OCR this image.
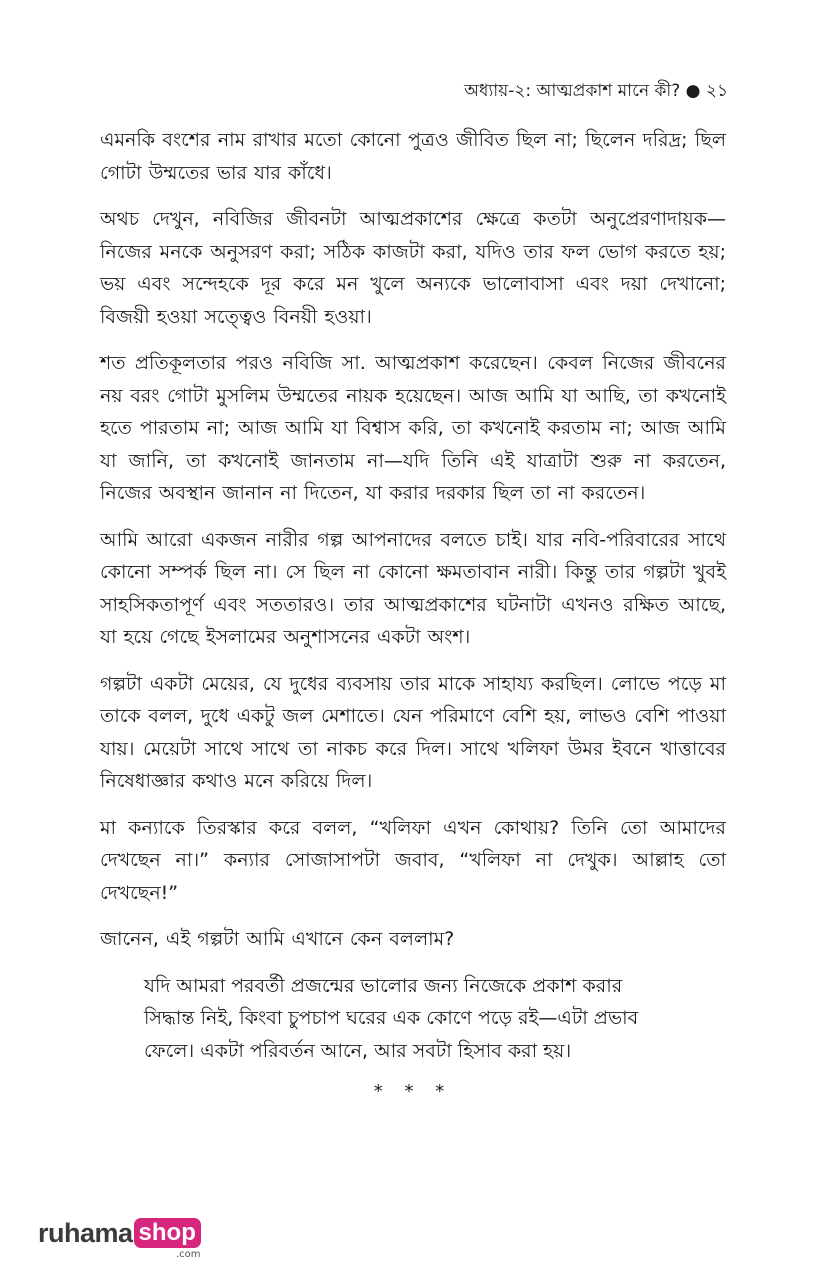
অধ্যায়-২: আত্মপ্রকাশ মানে কী? ● ২১

এমনকি বংশের নাম রাখার মতো কোনো পুত্রও জীবিত ছিল না; ছিলেন দরিদ্র; ছিল গোটা উম্মতের ভার যার কাঁধে।

অথচ দেখুন, নবিজির জীবনটা আত্মপ্রকাশের ক্ষেত্রে কতটা অনুপ্রেরণাদায়ক—নিজের মনকে অনুসরণ করা; সঠিক কাজটা করা, যদিও তার ফল ভোগ করতে হয়; ভয় এবং সন্দেহকে দূর করে মন খুলে অন্যকে ভালোবাসা এবং দয়া দেখানো; বিজয়ী হওয়া সত্ত্বেও বিনয়ী হওয়া।

শত প্রতিকূলতার পরও নবিজি সা. আত্মপ্রকাশ করেছেন। কেবল নিজের জীবনের নয় বরং গোটা মুসলিম উম্মতের নায়ক হয়েছেন। আজ আমি যা আছি, তা কখনোই হতে পারতাম না; আজ আমি যা বিশ্বাস করি, তা কখনোই করতাম না; আজ আমি যা জানি, তা কখনোই জানতাম না—যদি তিনি এই যাত্রাটা শুরু না করতেন, নিজের অবস্থান জানান না দিতেন, যা করার দরকার ছিল তা না করতেন।

আমি আরো একজন নারীর গল্প আপনাদের বলতে চাই। যার নবি-পরিবারের সাথে কোনো সম্পর্ক ছিল না। সে ছিল না কোনো ক্ষমতাবান নারী। কিন্তু তার গল্পটা খুবই সাহসিকতাপূর্ণ এবং সততারও। তার আত্মপ্রকাশের ঘটনাটা এখনও রক্ষিত আছে, যা হয়ে গেছে ইসলামের অনুশাসনের একটা অংশ।

গল্পটা একটা মেয়ের, যে দুধের ব্যবসায় তার মাকে সাহায্য করছিল। লোভে পড়ে মা তাকে বলল, দুধে একটু জল মেশাতে। যেন পরিমাণে বেশি হয়, লাভও বেশি পাওয়া যায়। মেয়েটা সাথে সাথে তা নাকচ করে দিল। সাথে খলিফা উমর ইবনে খাত্তাবের নিষেধাজ্ঞার কথাও মনে করিয়ে দিল।

মা কন্যাকে তিরস্কার করে বলল, “খলিফা এখন কোথায়? তিনি তো আমাদের দেখছেন না।” কন্যার সোজাসাপটা জবাব, “খলিফা না দেখুক। আল্লাহ তো দেখছেন!”

জানেন, এই গল্পটা আমি এখানে কেন বললাম?

যদি আমরা পরবর্তী প্রজন্মের ভালোর জন্য নিজেকে প্রকাশ করার
সিদ্ধান্ত নিই, কিংবা চুপচাপ ঘরের এক কোণে পড়ে রই—এটা প্রভাব
ফেলে। একটা পরিবর্তন আনে, আর সবটা হিসাব করা হয়।
* * *
ruhama shop
.com
